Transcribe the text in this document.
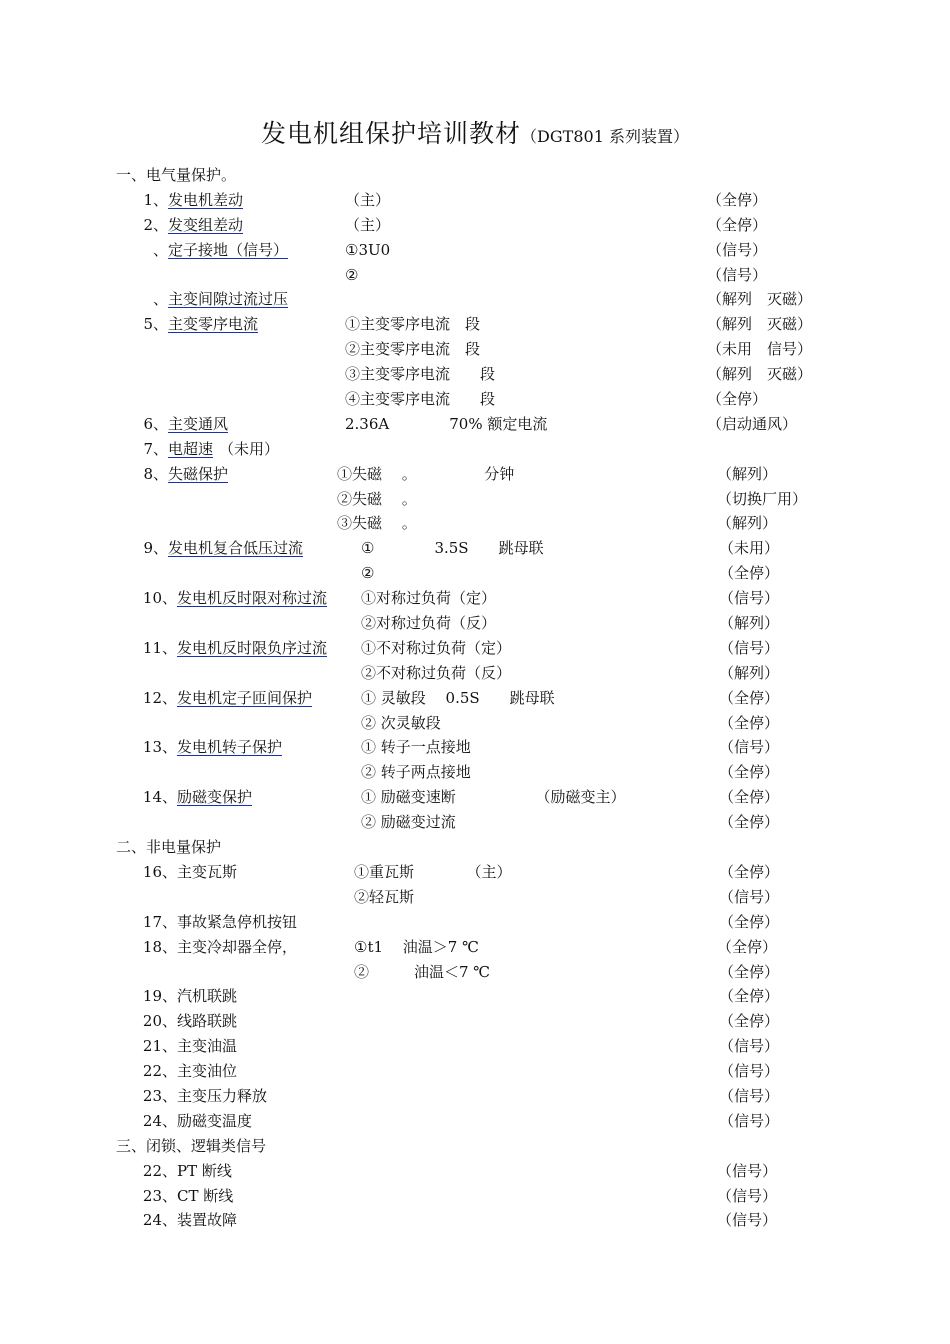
发电机组保护培训教材（DGT801 系列装置）
一、电气量保护。
1、 发电机差动	（主）	（全停）
2、 发变组差动	（主）	（全停）
、 定子接地（信号）	①3U0	（信号）
②	（信号）
、 主变间隙过流过压	（解列　灭磁）
5、 主变零序电流	①主变零序电流　段	（解列　灭磁）
②主变零序电流　段	（未用　信号）
③主变零序电流　　段	（解列　灭磁）
④主变零序电流　　段	（全停）
6、 主变通风	2.36A　　　　70% 额定电流	（启动通风）
7、 电超速 （未用）
8、 失磁保护	①失磁　 。　　　　　分钟	（解列）
②失磁　 。	（切换厂用）
③失磁　 。	（解列）
9、 发电机复合低压过流	①　　　　3.5S　　跳母联	（未用）
②	（全停）
10、 发电机反时限对称过流 ①对称过负荷（定）	（信号）
②对称过负荷（反）	（解列）
11、 发电机反时限负序过流 ①不对称过负荷（定）	（信号）
②不对称过负荷（反）	（解列）
12、 发电机定子匝间保护	① 灵敏段　 0.5S　　跳母联	（全停）
② 次灵敏段	（全停）
13、 发电机转子保护	① 转子一点接地	（信号）
② 转子两点接地	（全停）
14、 励磁变保护	① 励磁变速断　　　　　 （励磁变主）	（全停）
② 励磁变过流	（全停）
二、非电量保护
16、 主变瓦斯	①重瓦斯　　　　（主）	（全停）
②轻瓦斯	（信号）
17、 事故紧急停机按钮	（全停）
18、 主变冷却器全停，	①t1　 油温＞7 ℃	（全停）
②　　　油温＜7 ℃	（全停）
19、 汽机联跳	（全停）
20、 线路联跳	（全停）
21、 主变油温	（信号）
22、 主变油位	（信号）
23、 主变压力释放	（信号）
24、 励磁变温度	（信号）
三、闭锁、逻辑类信号
22、 PT 断线	（信号）
23、 CT 断线	（信号）
24、 装置故障	（信号）
